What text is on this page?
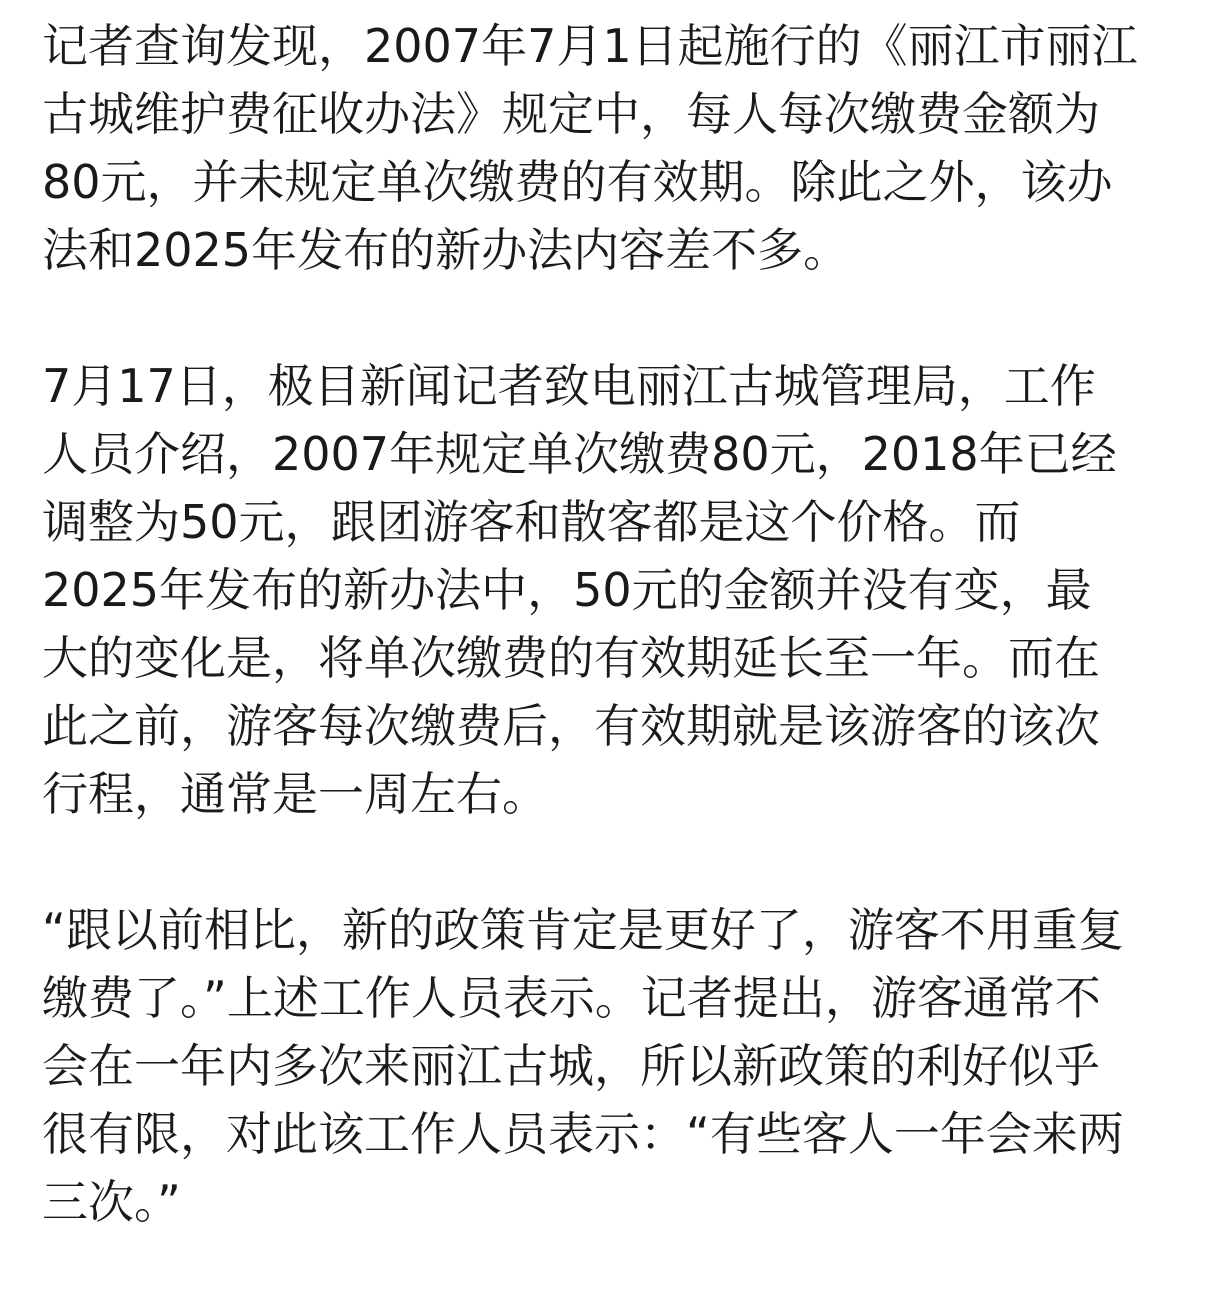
记者查询发现，2007年7月1日起施行的《丽江市丽江
古城维护费征收办法》规定中，每人每次缴费金额为
80元，并未规定单次缴费的有效期。除此之外，该办
法和2025年发布的新办法内容差不多。
7月17日，极目新闻记者致电丽江古城管理局，工作
人员介绍，2007年规定单次缴费80元，2018年已经
调整为50元，跟团游客和散客都是这个价格。而
2025年发布的新办法中，50元的金额并没有变，最
大的变化是，将单次缴费的有效期延长至一年。而在
此之前，游客每次缴费后，有效期就是该游客的该次
行程，通常是一周左右。
“跟以前相比，新的政策肯定是更好了，游客不用重复
缴费了。”上述工作人员表示。记者提出，游客通常不
会在一年内多次来丽江古城，所以新政策的利好似乎
很有限，对此该工作人员表示：“有些客人一年会来两
三次。”
